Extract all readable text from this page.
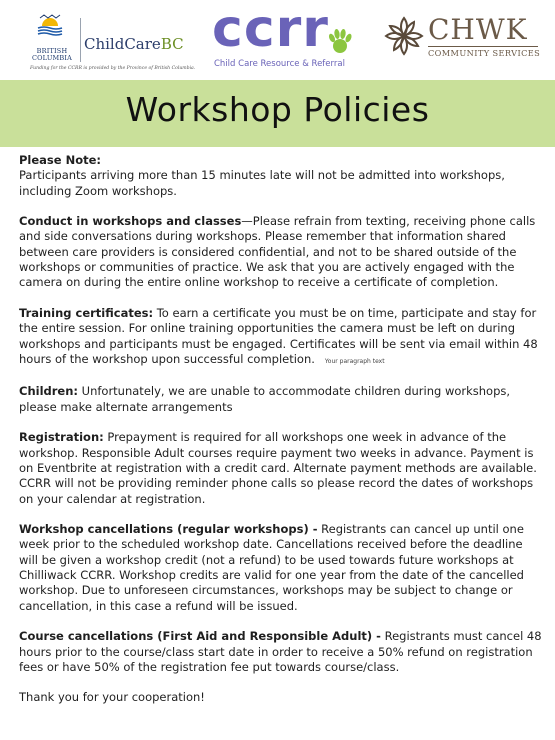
BRITISH COLUMBIA
ChildCareBC
Funding for the CCRR is provided by the Province of British Columbia.
ccrr
Child Care Resource & Referral
CHWK
COMMUNITY SERVICES
Workshop Policies

Please Note:
Participants arriving more than 15 minutes late will not be admitted into workshops, including Zoom workshops.

Conduct in workshops and classes—Please refrain from texting, receiving phone calls and side conversations during workshops. Please remember that information shared between care providers is considered confidential, and not to be shared outside of the workshops or communities of practice. We ask that you are actively engaged with the camera on during the entire online workshop to receive a certificate of completion.

Training certificates: To earn a certificate you must be on time, participate and stay for the entire session. For online training opportunities the camera must be left on during workshops and participants must be engaged. Certificates will be sent via email within 48 hours of the workshop upon successful completion. Your paragraph text

Children: Unfortunately, we are unable to accommodate children during workshops, please make alternate arrangements

Registration: Prepayment is required for all workshops one week in advance of the workshop. Responsible Adult courses require payment two weeks in advance. Payment is on Eventbrite at registration with a credit card. Alternate payment methods are available. CCRR will not be providing reminder phone calls so please record the dates of workshops on your calendar at registration.

Workshop cancellations (regular workshops) - Registrants can cancel up until one week prior to the scheduled workshop date. Cancellations received before the deadline will be given a workshop credit (not a refund) to be used towards future workshops at Chilliwack CCRR. Workshop credits are valid for one year from the date of the cancelled workshop. Due to unforeseen circumstances, workshops may be subject to change or cancellation, in this case a refund will be issued.

Course cancellations (First Aid and Responsible Adult) - Registrants must cancel 48 hours prior to the course/class start date in order to receive a 50% refund on registration fees or have 50% of the registration fee put towards course/class.

Thank you for your cooperation!
